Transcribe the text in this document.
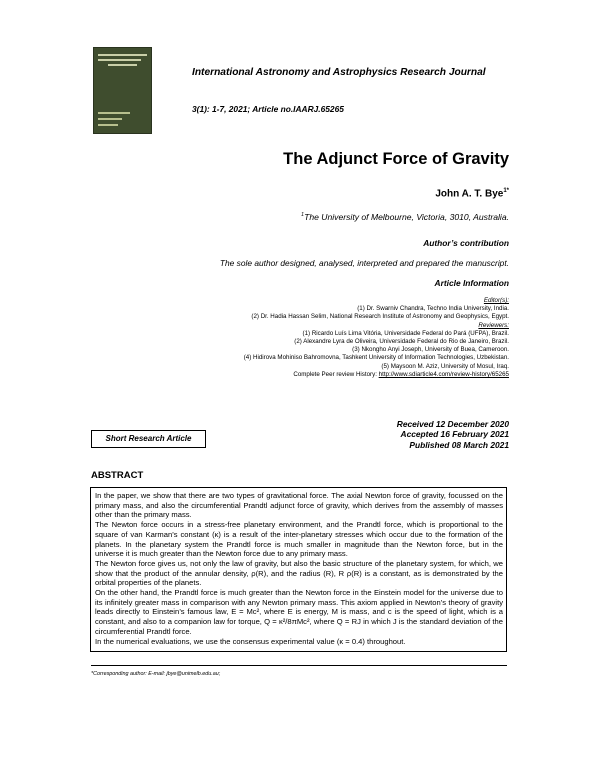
International Astronomy and Astrophysics Research Journal
3(1): 1-7, 2021; Article no.IAARJ.65265
The Adjunct Force of Gravity
John A. T. Bye$^{1*}$
$^1$The University of Melbourne, Victoria, 3010, Australia.
Author’s contribution
The sole author designed, analysed, interpreted and prepared the manuscript.
Article Information
Editor(s):
(1) Dr. Swarniv Chandra, Techno India University, India.
(2) Dr. Hadia Hassan Selim, National Research Institute of Astronomy and Geophysics, Egypt.
Reviewers:
(1) Ricardo Luís Lima Vitória, Universidade Federal do Pará (UFPA), Brazil.
(2) Alexandre Lyra de Oliveira, Universidade Federal do Rio de Janeiro, Brazil.
(3) Nkongho Anyi Joseph, University of Buea, Cameroon.
(4) Hidirova Mohiniso Bahromovna, Tashkent University of Information Technologies, Uzbekistan.
(5) Maysoon M. Aziz, University of Mosul, Iraq.
Complete Peer review History: http://www.sdiarticle4.com/review-history/65265
Received 12 December 2020
Accepted 16 February 2021
Published 08 March 2021
Short Research Article
ABSTRACT

In the paper, we show that there are two types of gravitational force. The axial Newton force of gravity, focussed on the primary mass, and also the circumferential Prandtl adjunct force of gravity, which derives from the assembly of masses other than the primary mass.

The Newton force occurs in a stress-free planetary environment, and the Prandtl force, which is proportional to the square of van Karman’s constant (κ) is a result of the inter-planetary stresses which occur due to the formation of the planets. In the planetary system the Prandtl force is much smaller in magnitude than the Newton force, but in the universe it is much greater than the Newton force due to any primary mass.

The Newton force gives us, not only the law of gravity, but also the basic structure of the planetary system, for which, we show that the product of the annular density, ρ(R), and the radius (R), R ρ(R) is a constant, as is demonstrated by the orbital properties of the planets.

On the other hand, the Prandtl force is much greater than the Newton force in the Einstein model for the universe due to its infinitely greater mass in comparison with any Newton primary mass. This axiom applied in Newton’s theory of gravity leads directly to Einstein’s famous law, E = Mc², where E is energy, M is mass, and c is the speed of light, which is a constant, and also to a companion law for torque, Q = κ²/8πMc², where Q = RJ in which J is the standard deviation of the circumferential Prandtl force.

In the numerical evaluations, we use the consensus experimental value (κ = 0.4) throughout.

*Corresponding author: E-mail: jbye@unimelb.edu.au;
